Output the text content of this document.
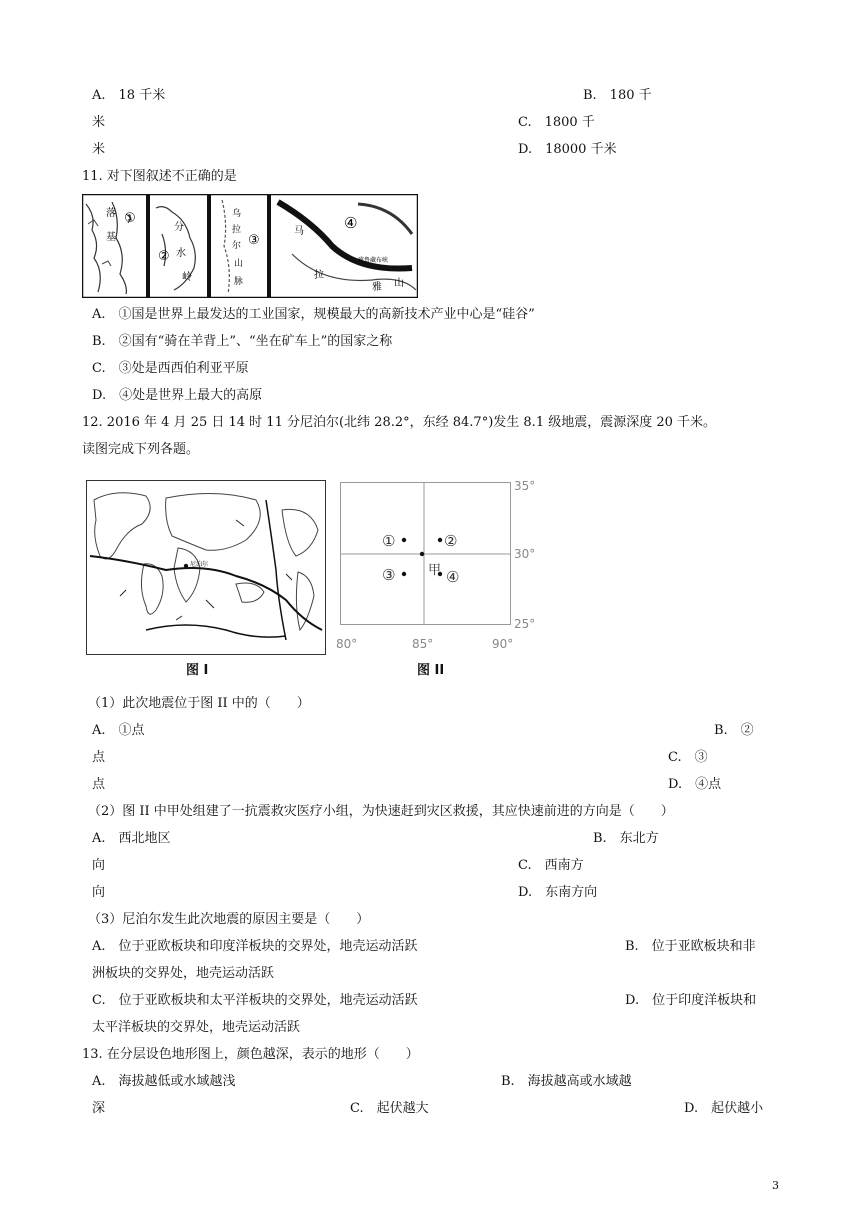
A.　18 千米	B.　180 千
米	C.　1800 千
米	D.　18000 千米
11. 对下图叙述不正确的是
①
落
基
②
分
水
岭
③
乌
拉
尔
山
脉
④
马
拉
雅 山
雅鲁藏布峡
A.　①国是世界上最发达的工业国家，规模最大的高新技术产业中心是“硅谷”
B.　②国有“骑在羊背上”、“坐在矿车上”的国家之称
C.　③处是西西伯利亚平原
D.　④处是世界上最大的高原
12. 2016 年 4 月 25 日 14 时 11 分尼泊尔(北纬 28.2°，东经 84.7°)发生 8.1 级地震，震源深度 20 千米。
读图完成下列各题。
尼泊尔
图 I
①	②
③	④
甲
35°
30°
25°
80°	85°	90°
图 II
（1）此次地震位于图 II 中的（　　）
A.　①点	B.　②
点	C.　③
点	D.　④点
（2）图 II 中甲处组建了一抗震救灾医疗小组，为快速赶到灾区救援，其应快速前进的方向是（　　）
A.　西北地区	B.　东北方
向	C.　西南方
向	D.　东南方向
（3）尼泊尔发生此次地震的原因主要是（　　）
A.　位于亚欧板块和印度洋板块的交界处，地壳运动活跃	B.　位于亚欧板块和非
洲板块的交界处，地壳运动活跃
C.　位于亚欧板块和太平洋板块的交界处，地壳运动活跃	D.　位于印度洋板块和
太平洋板块的交界处，地壳运动活跃
13. 在分层设色地形图上，颜色越深，表示的地形（　　）
A.　海拔越低或水域越浅	B.　海拔越高或水域越
深	C.　起伏越大	D.　起伏越小
3
